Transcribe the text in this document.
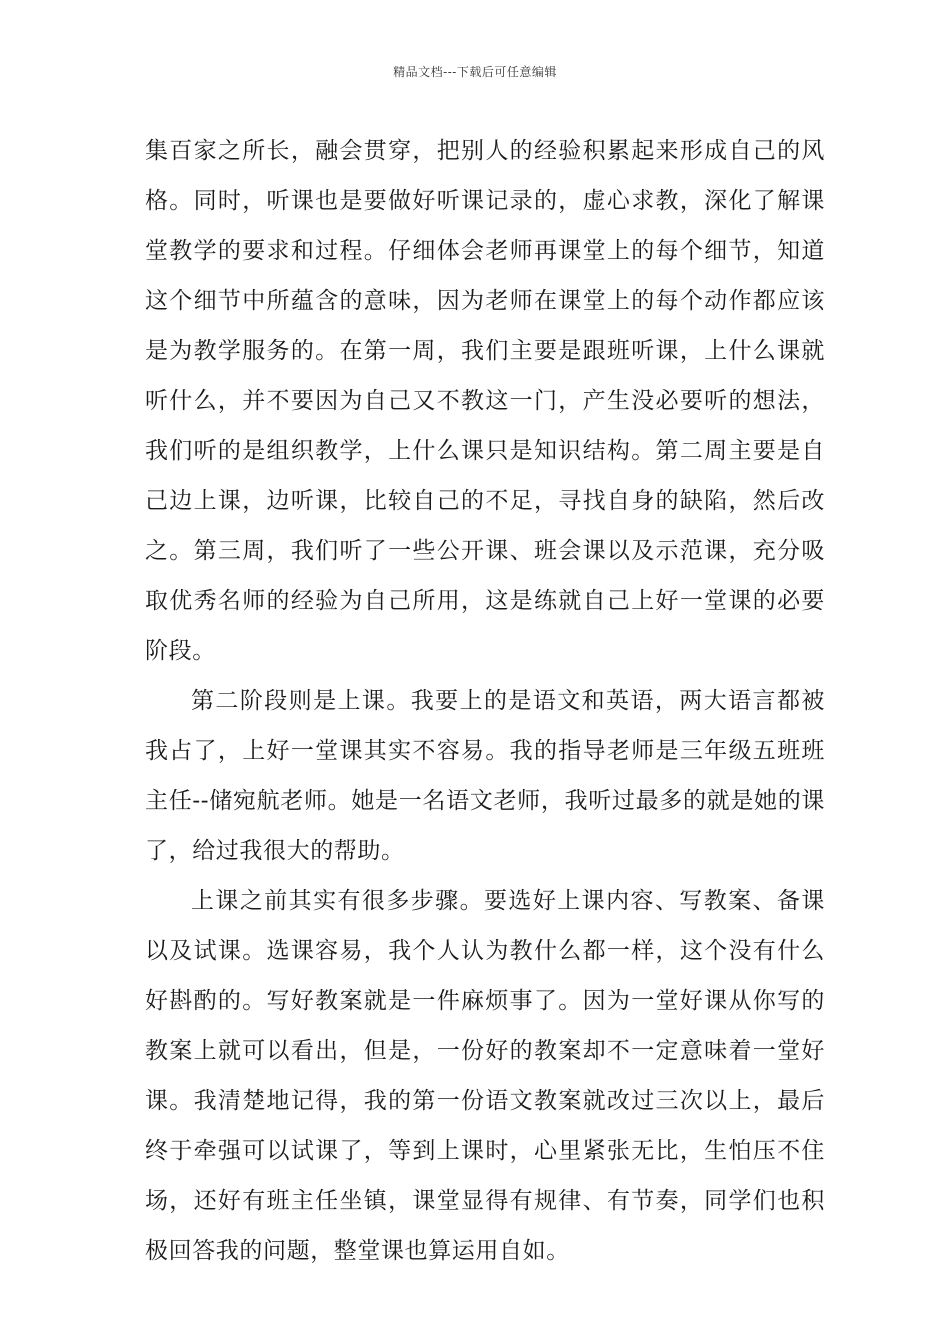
精品文档---下载后可任意编辑

集百家之所长，融会贯穿，把别人的经验积累起来形成自己的风格。同时，听课也是要做好听课记录的，虚心求教，深化了解课堂教学的要求和过程。仔细体会老师再课堂上的每个细节，知道这个细节中所蕴含的意味，因为老师在课堂上的每个动作都应该是为教学服务的。在第一周，我们主要是跟班听课，上什么课就听什么，并不要因为自己又不教这一门，产生没必要听的想法，我们听的是组织教学，上什么课只是知识结构。第二周主要是自己边上课，边听课，比较自己的不足，寻找自身的缺陷，然后改之。第三周，我们听了一些公开课、班会课以及示范课，充分吸取优秀名师的经验为自己所用，这是练就自己上好一堂课的必要阶段。

第二阶段则是上课。我要上的是语文和英语，两大语言都被我占了，上好一堂课其实不容易。我的指导老师是三年级五班班主任--储宛航老师。她是一名语文老师，我听过最多的就是她的课了，给过我很大的帮助。

上课之前其实有很多步骤。要选好上课内容、写教案、备课以及试课。选课容易，我个人认为教什么都一样，这个没有什么好斟酌的。写好教案就是一件麻烦事了。因为一堂好课从你写的教案上就可以看出，但是，一份好的教案却不一定意味着一堂好课。我清楚地记得，我的第一份语文教案就改过三次以上，最后终于牵强可以试课了，等到上课时，心里紧张无比，生怕压不住场，还好有班主任坐镇，课堂显得有规律、有节奏，同学们也积极回答我的问题，整堂课也算运用自如。
